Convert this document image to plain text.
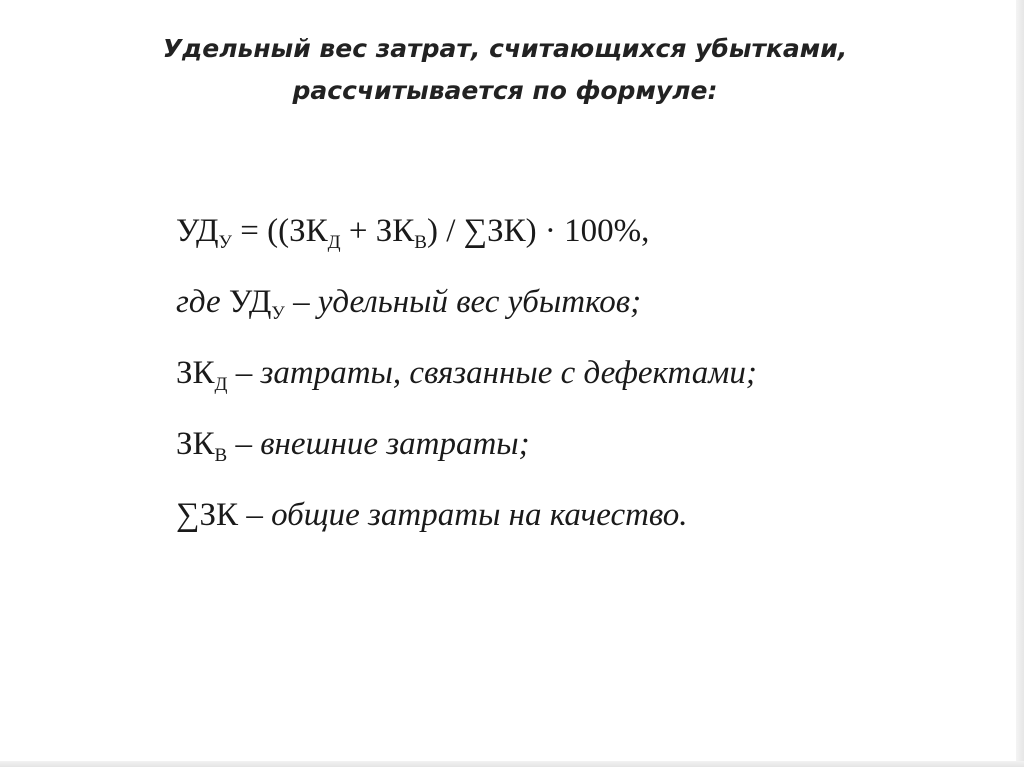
Удельный вес затрат, считающихся убытками,
рассчитывается по формуле:
$УД_У = ((ЗК_Д + ЗК_В) / \sum ЗК) \cdot 100\%$,
где $УД_У$ – удельный вес убытков;
$ЗК_Д$ – затраты, связанные с дефектами;
$ЗК_В$ – внешние затраты;
∑ЗК – общие затраты на качество.
